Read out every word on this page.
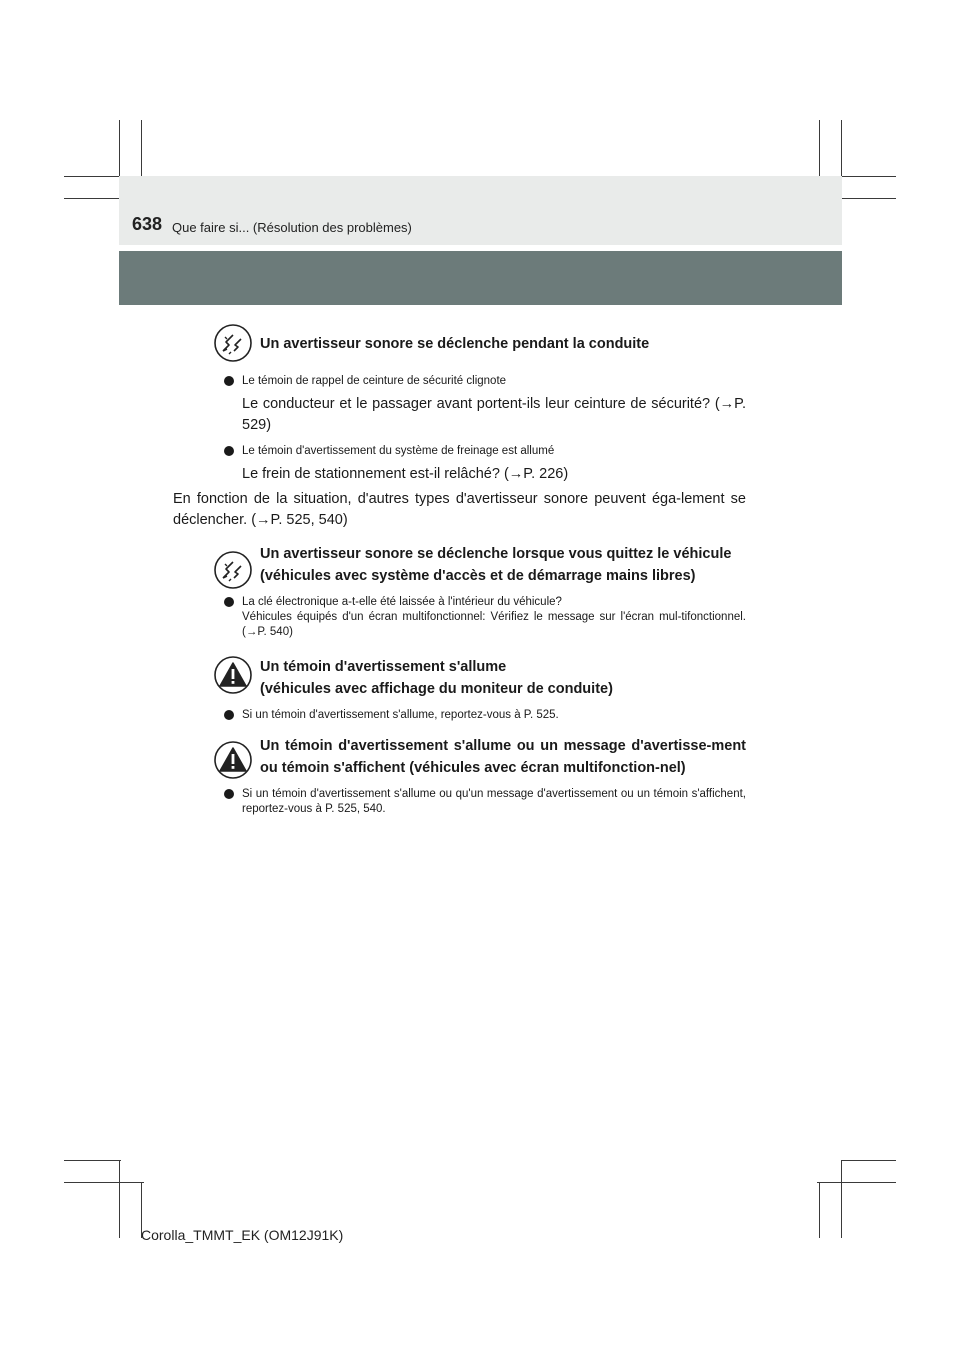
638 Que faire si... (Résolution des problèmes)
Un avertisseur sonore se déclenche pendant la conduite
Le témoin de rappel de ceinture de sécurité clignote
Le conducteur et le passager avant portent-ils leur ceinture de sécurité? (→P. 529)
Le témoin d'avertissement du système de freinage est allumé
Le frein de stationnement est-il relâché? (→P. 226)
En fonction de la situation, d'autres types d'avertisseur sonore peuvent éga-lement se déclencher. (→P. 525, 540)
Un avertisseur sonore se déclenche lorsque vous quittez le véhicule
(véhicules avec système d'accès et de démarrage mains libres)
La clé électronique a-t-elle été laissée à l'intérieur du véhicule?
Véhicules équipés d'un écran multifonctionnel: Vérifiez le message sur l'écran mul-tifonctionnel. (→P. 540)
Un témoin d'avertissement s'allume
(véhicules avec affichage du moniteur de conduite)
Si un témoin d'avertissement s'allume, reportez-vous à P. 525.
Un témoin d'avertissement s'allume ou un message d'avertisse-ment ou témoin s'affichent (véhicules avec écran multifonction-nel)
Si un témoin d'avertissement s'allume ou qu'un message d'avertissement ou un témoin s'affichent, reportez-vous à P. 525, 540.
Corolla_TMMT_EK (OM12J91K)
